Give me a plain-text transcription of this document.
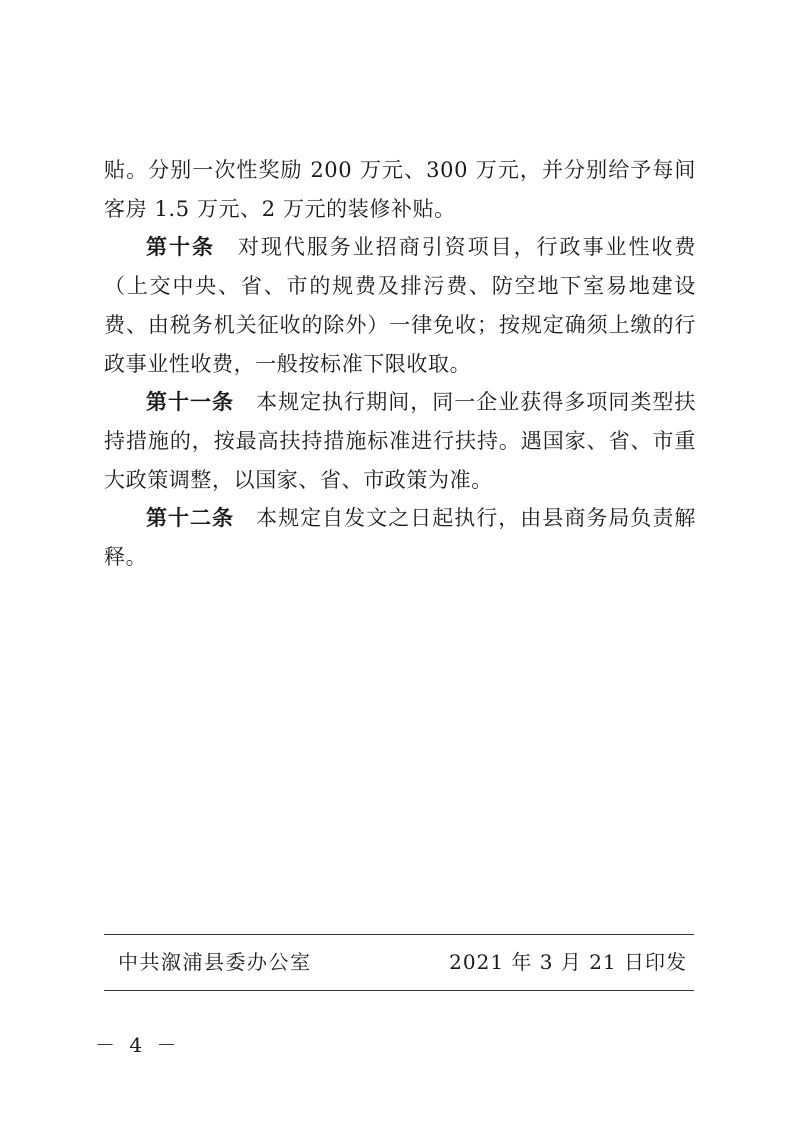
贴。分别一次性奖励 200 万元、300 万元，并分别给予每间客房 1.5 万元、2 万元的装修补贴。

第十条　 对现代服务业招商引资项目，行政事业性收费（上交中央、省、市的规费及排污费、防空地下室易地建设费、由税务机关征收的除外）一律免收；按规定确须上缴的行政事业性收费，一般按标准下限收取。

第十一条　 本规定执行期间，同一企业获得多项同类型扶持措施的，按最高扶持措施标准进行扶持。遇国家、省、市重大政策调整，以国家、省、市政策为准。

第十二条　 本规定自发文之日起执行，由县商务局负责解释。

中共溆浦县委办公室	2021 年 3 月 21 日印发
－ 4 －
